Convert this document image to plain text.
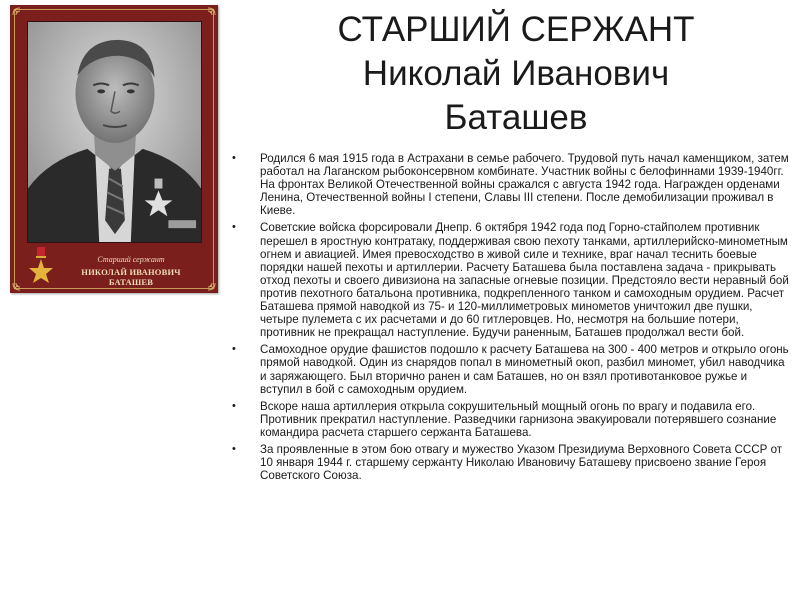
Старший сержант
НИКОЛАЙ ИВАНОВИЧ БАТАШЕВ
СТАРШИЙ СЕРЖАНТ
Николай Иванович
Баташев
• Родился 6 мая 1915 года в Астрахани в семье рабочего. Трудовой путь начал каменщиком, затем работал на Лаганском рыбоконсервном комбинате. Участник войны с белофиннами 1939-1940гг. На фронтах Великой Отечественной войны сражался с августа 1942 года. Награжден орденами Ленина, Отечественной войны I степени, Славы III степени. После демобилизации проживал в Киеве.
• Советские войска форсировали Днепр. 6 октября 1942 года под Горно-стайполем противник перешел в яростную контратаку, поддерживая свою пехоту танками, артиллерийско-минометным огнем и авиацией. Имея превосходство в живой силе и технике, враг начал теснить боевые порядки нашей пехоты и артиллерии. Расчету Баташева была поставлена задача - прикрывать отход пехоты и своего дивизиона на запасные огневые позиции. Предстояло вести неравный бой против пехотного батальона противника, подкрепленного танком и самоходным орудием. Расчет Баташева прямой наводкой из 75- и 120-миллиметровых минометов уничтожил две пушки, четыре пулемета с их расчетами и до 60 гитлеровцев. Но, несмотря на большие потери, противник не прекращал наступление. Будучи раненным, Баташев продолжал вести бой.
• Самоходное орудие фашистов подошло к расчету Баташева на 300 - 400 метров и открыло огонь прямой наводкой. Один из снарядов попал в минометный окоп, разбил миномет, убил наводчика и заряжающего. Был вторично ранен и сам Баташев, но он взял противотанковое ружье и вступил в бой с самоходным орудием.
• Вскоре наша артиллерия открыла сокрушительный мощный огонь по врагу и подавила его. Противник прекратил наступление. Разведчики гарнизона эвакуировали потерявшего сознание командира расчета старшего сержанта Баташева.
• За проявленные в этом бою отвагу и мужество Указом Президиума Верховного Совета СССР от 10 января 1944 г. старшему сержанту Николаю Ивановичу Баташеву присвоено звание Героя Советского Союза.
